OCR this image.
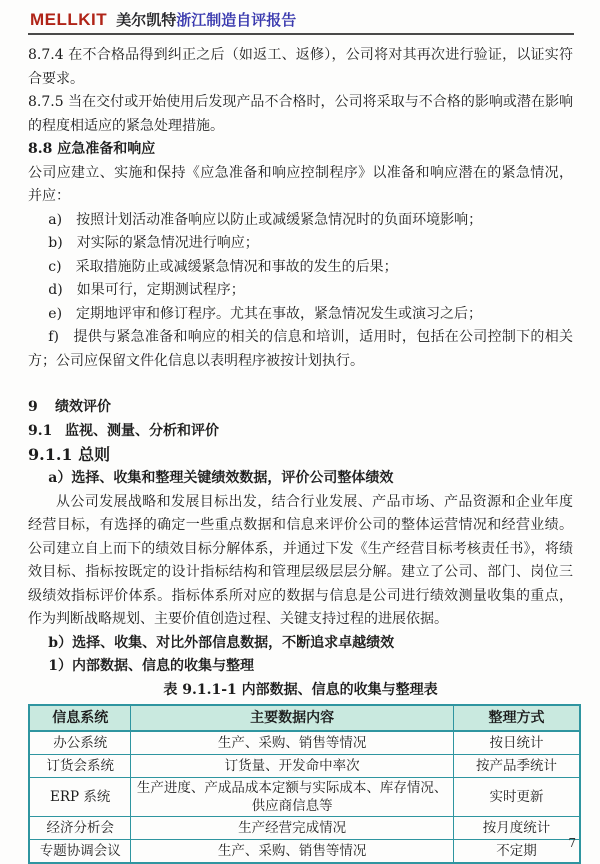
MELLKIT 美尔凯特浙江制造自评报告

8.7.4 在不合格品得到纠正之后（如返工、返修），公司将对其再次进行验证，以证实符合要求。

8.7.5 当在交付或开始使用后发现产品不合格时，公司将采取与不合格的影响或潜在影响的程度相适应的紧急处理措施。

8.8 应急准备和响应

公司应建立、实施和保持《应急准备和响应控制程序》以准备和响应潜在的紧急情况，并应：

a)　按照计划活动准备响应以防止或减缓紧急情况时的负面环境影响；

b)　对实际的紧急情况进行响应；

c)　采取措施防止或减缓紧急情况和事故的发生的后果；

d)　如果可行，定期测试程序；

e)　定期地评审和修订程序。尤其在事故，紧急情况发生或演习之后；

f)　提供与紧急准备和响应的相关的信息和培训，适用时，包括在公司控制下的相关方；公司应保留文件化信息以表明程序被按计划执行。

9 绩效评价

9.1 监视、测量、分析和评价

9.1.1 总则

a）选择、收集和整理关键绩效数据，评价公司整体绩效

从公司发展战略和发展目标出发，结合行业发展、产品市场、产品资源和企业年度经营目标，有选择的确定一些重点数据和信息来评价公司的整体运营情况和经营业绩。公司建立自上而下的绩效目标分解体系，并通过下发《生产经营目标考核责任书》，将绩效目标、指标按既定的设计指标结构和管理层级层层分解。建立了公司、部门、岗位三级绩效指标评价体系。指标体系所对应的数据与信息是公司进行绩效测量收集的重点，作为判断战略规划、主要价值创造过程、关键支持过程的进展依据。

b）选择、收集、对比外部信息数据，不断追求卓越绩效

1）内部数据、信息的收集与整理

表 9.1.1-1 内部数据、信息的收集与整理表

信息系统	主要数据内容	整理方式
办公系统	生产、采购、销售等情况	按日统计
订货会系统	订货量、开发命中率次	按产品季统计
ERP 系统	生产进度、产成品成本定额与实际成本、库存情况、供应商信息等	实时更新
经济分析会	生产经营完成情况	按月度统计
专题协调会议	生产、采购、销售等情况	不定期	7
